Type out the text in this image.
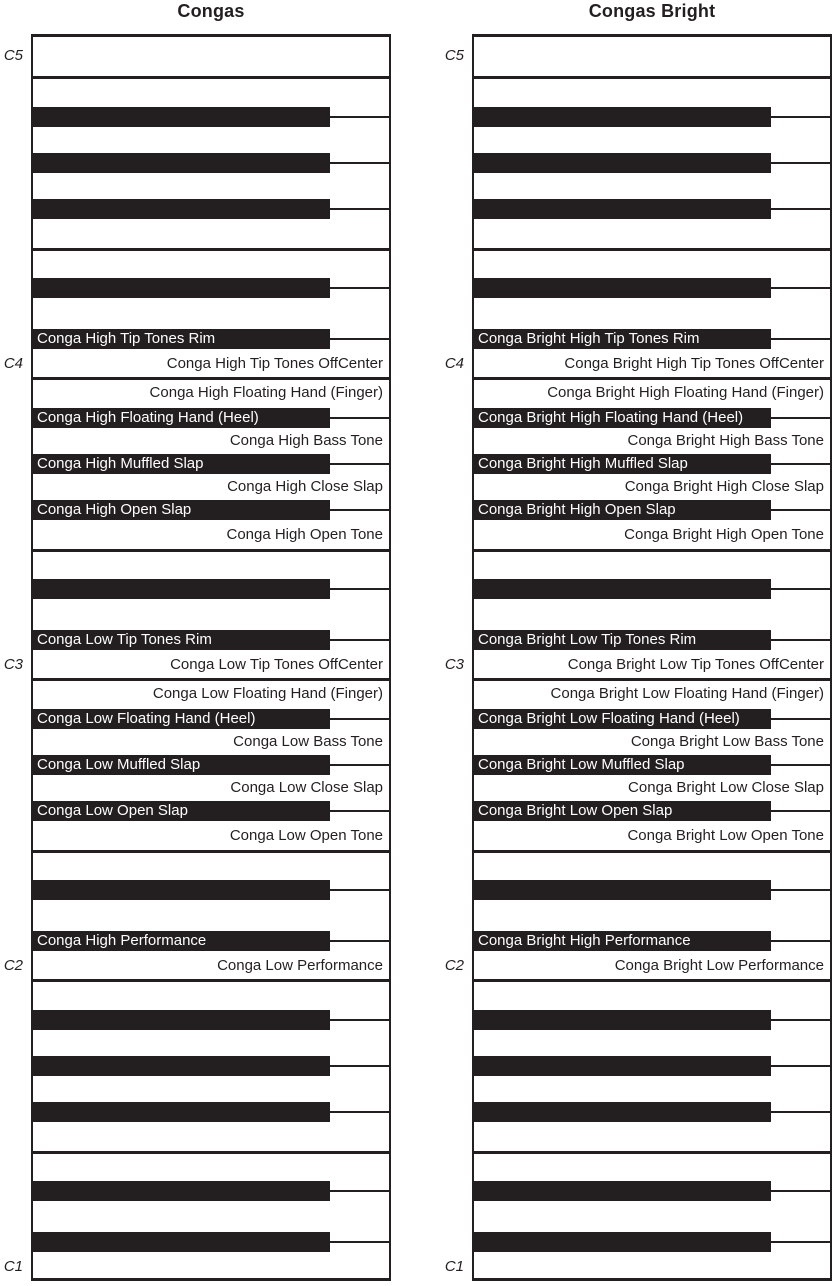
Congas
Conga High Tip Tones Rim
Conga High Floating Hand (Heel)
Conga High Muffled Slap
Conga High Open Slap
Conga Low Tip Tones Rim
Conga Low Floating Hand (Heel)
Conga Low Muffled Slap
Conga Low Open Slap
Conga High Performance
Conga High Tip Tones OffCenter
Conga High Floating Hand (Finger)
Conga High Bass Tone
Conga High Close Slap
Conga High Open Tone
Conga Low Tip Tones OffCenter
Conga Low Floating Hand (Finger)
Conga Low Bass Tone
Conga Low Close Slap
Conga Low Open Tone
Conga Low Performance
C5
C4
C3
C2
C1
Congas Bright
Conga Bright High Tip Tones Rim
Conga Bright High Floating Hand (Heel)
Conga Bright High Muffled Slap
Conga Bright High Open Slap
Conga Bright Low Tip Tones Rim
Conga Bright Low Floating Hand (Heel)
Conga Bright Low Muffled Slap
Conga Bright Low Open Slap
Conga Bright High Performance
Conga Bright High Tip Tones OffCenter
Conga Bright High Floating Hand (Finger)
Conga Bright High Bass Tone
Conga Bright High Close Slap
Conga Bright High Open Tone
Conga Bright Low Tip Tones OffCenter
Conga Bright Low Floating Hand (Finger)
Conga Bright Low Bass Tone
Conga Bright Low Close Slap
Conga Bright Low Open Tone
Conga Bright Low Performance
C5
C4
C3
C2
C1
